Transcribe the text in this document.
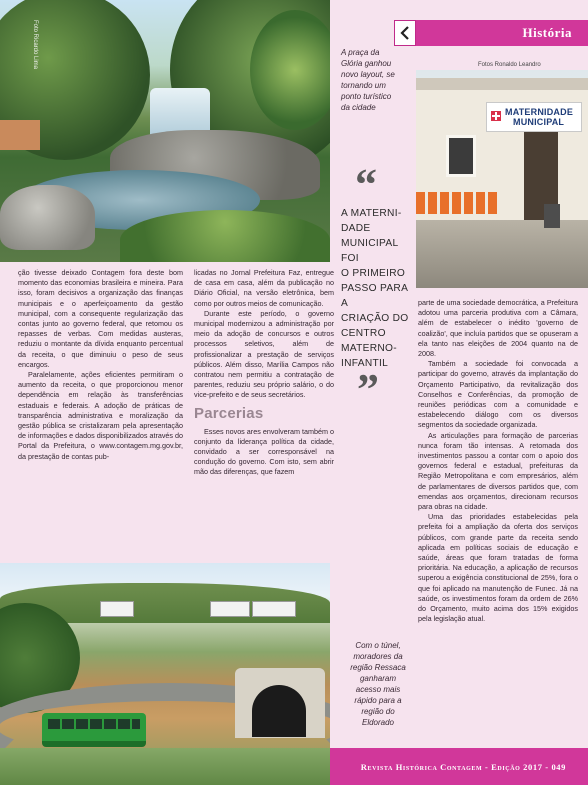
Foto Ricardo Lima	História
A praça da
Glória ganhou
novo layout, se
tornando um
ponto turístico
da cidade
Fotos Ronaldo Leandro
MATERNIDADE
MUNICIPAL
“
A MATERNI-
DADE
MUNICIPAL FOI
O PRIMEIRO
PASSO PARA A
CRIAÇÃO DO
CENTRO
MATERNO-
INFANTIL
”

ção tivesse deixado Contagem fora deste bom momento das economias brasileira e mineira. Para isso, foram decisivos a organização das finanças municipais e o aperfeiçoamento da gestão municipal, com a consequente regularização das contas junto ao governo federal, que retomou os repasses de verbas. Com medidas austeras, reduziu o montante da dívida enquanto percentual da receita, o que diminuiu o peso de seus encargos.

Paralelamente, ações eficientes permitiram o aumento da receita, o que proporcionou menor dependência em relação às transferências estaduais e federais. A adoção de práticas de transparência administrativa e moralização da gestão pública se cristalizaram pela apresentação de informações e dados disponibilizados através do Portal da Prefeitura, o www.contagem.mg.gov.br, da prestação de contas pub-

licadas no Jornal Prefeitura Faz, entregue de casa em casa, além da publicação no Diário Oficial, na versão eletrônica, bem como por outros meios de comunicação.

Durante este período, o governo municipal modernizou a administração por meio da adoção de concursos e outros processos seletivos, além de profissionalizar a prestação de serviços públicos. Além disso, Marília Campos não contratou nem permitiu a contratação de parentes, reduziu seu próprio salário, o do vice-prefeito e de seus secretários.

Parcerias

Esses novos ares envolveram também o conjunto da liderança política da cidade, convidado a ser corresponsável na condução do governo. Com isto, sem abrir mão das diferenças, que fazem

parte de uma sociedade democrática, a Prefeitura adotou uma parceria produtiva com a Câmara, além de estabelecer o inédito 'governo de coalizão', que incluía partidos que se opuseram a ela tanto nas eleições de 2004 quanto na de 2008.

Também a sociedade foi convocada a participar do governo, através da implantação do Orçamento Participativo, da revitalização dos Conselhos e Conferências, da promoção de reuniões periódicas com a comunidade e estabelecendo diálogo com os diversos segmentos da sociedade organizada.

As articulações para formação de parcerias nunca foram tão intensas. A retomada dos investimentos passou a contar com o apoio dos governos federal e estadual, prefeituras da Região Metropolitana e com empresários, além de parlamentares de diversos partidos que, com emendas aos orçamentos, direcionam recursos para obras na cidade.

Uma das prioridades estabelecidas pela prefeita foi a ampliação da oferta dos serviços públicos, com grande parte da receita sendo aplicada em políticas sociais de educação e saúde, áreas que foram tratadas de forma prioritária. Na educação, a aplicação de recursos superou a exigência constitucional de 25%, fora o que foi aplicado na manutenção de Funec. Já na saúde, os investimentos foram da ordem de 26% do Orçamento, muito acima dos 15% exigidos pela legislação atual.

Com o túnel,
moradores da
região Ressaca
ganharam
acesso mais
rápido para a
região do
Eldorado
Revista Histórica Contagem - Edição 2017 - 049
